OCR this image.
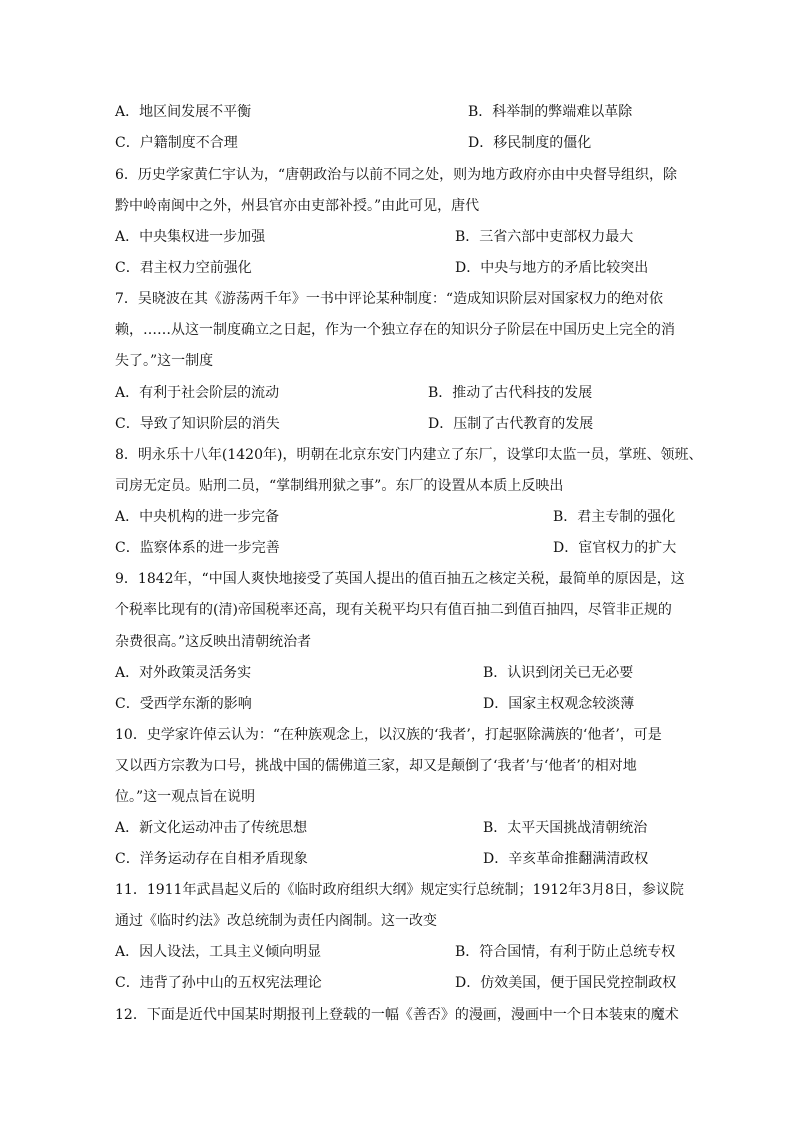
A．地区间发展不平衡	B．科举制的弊端难以革除
C．户籍制度不合理	D．移民制度的僵化
6．历史学家黄仁宇认为，“唐朝政治与以前不同之处，则为地方政府亦由中央督导组织，除
黔中岭南闽中之外，州县官亦由吏部补授。”由此可见，唐代
A．中央集权进一步加强	B．三省六部中吏部权力最大
C．君主权力空前强化	D．中央与地方的矛盾比较突出
7．吴晓波在其《游荡两千年》一书中评论某种制度：“造成知识阶层对国家权力的绝对依
赖，……从这一制度确立之日起，作为一个独立存在的知识分子阶层在中国历史上完全的消
失了。”这一制度
A．有利于社会阶层的流动	B．推动了古代科技的发展
C．导致了知识阶层的消失	D．压制了古代教育的发展
8．明永乐十八年(1420年)，明朝在北京东安门内建立了东厂，设掌印太监一员，掌班、领班、
司房无定员。贴刑二员，“掌制缉刑狱之事”。东厂的设置从本质上反映出
A．中央机构的进一步完备	B．君主专制的强化
C．监察体系的进一步完善	D．宦官权力的扩大
9．1842年，“中国人爽快地接受了英国人提出的值百抽五之核定关税，最简单的原因是，这
个税率比现有的(清)帝国税率还高，现有关税平均只有值百抽二到值百抽四，尽管非正规的
杂费很高。”这反映出清朝统治者
A．对外政策灵活务实	B．认识到闭关已无必要
C．受西学东渐的影响	D．国家主权观念较淡薄
10．史学家许倬云认为：“在种族观念上，以汉族的‘我者’，打起驱除满族的‘他者’，可是
又以西方宗教为口号，挑战中国的儒佛道三家，却又是颠倒了‘我者’与‘他者’的相对地
位。”这一观点旨在说明
A．新文化运动冲击了传统思想	B．太平天国挑战清朝统治
C．洋务运动存在自相矛盾现象	D．辛亥革命推翻满清政权
11．1911年武昌起义后的《临时政府组织大纲》规定实行总统制；1912年3月8日，参议院
通过《临时约法》改总统制为责任内阁制。这一改变
A．因人设法，工具主义倾向明显	B．符合国情，有利于防止总统专权
C．违背了孙中山的五权宪法理论	D．仿效美国，便于国民党控制政权
12．下面是近代中国某时期报刊上登载的一幅《善否》的漫画，漫画中一个日本装束的魔术
